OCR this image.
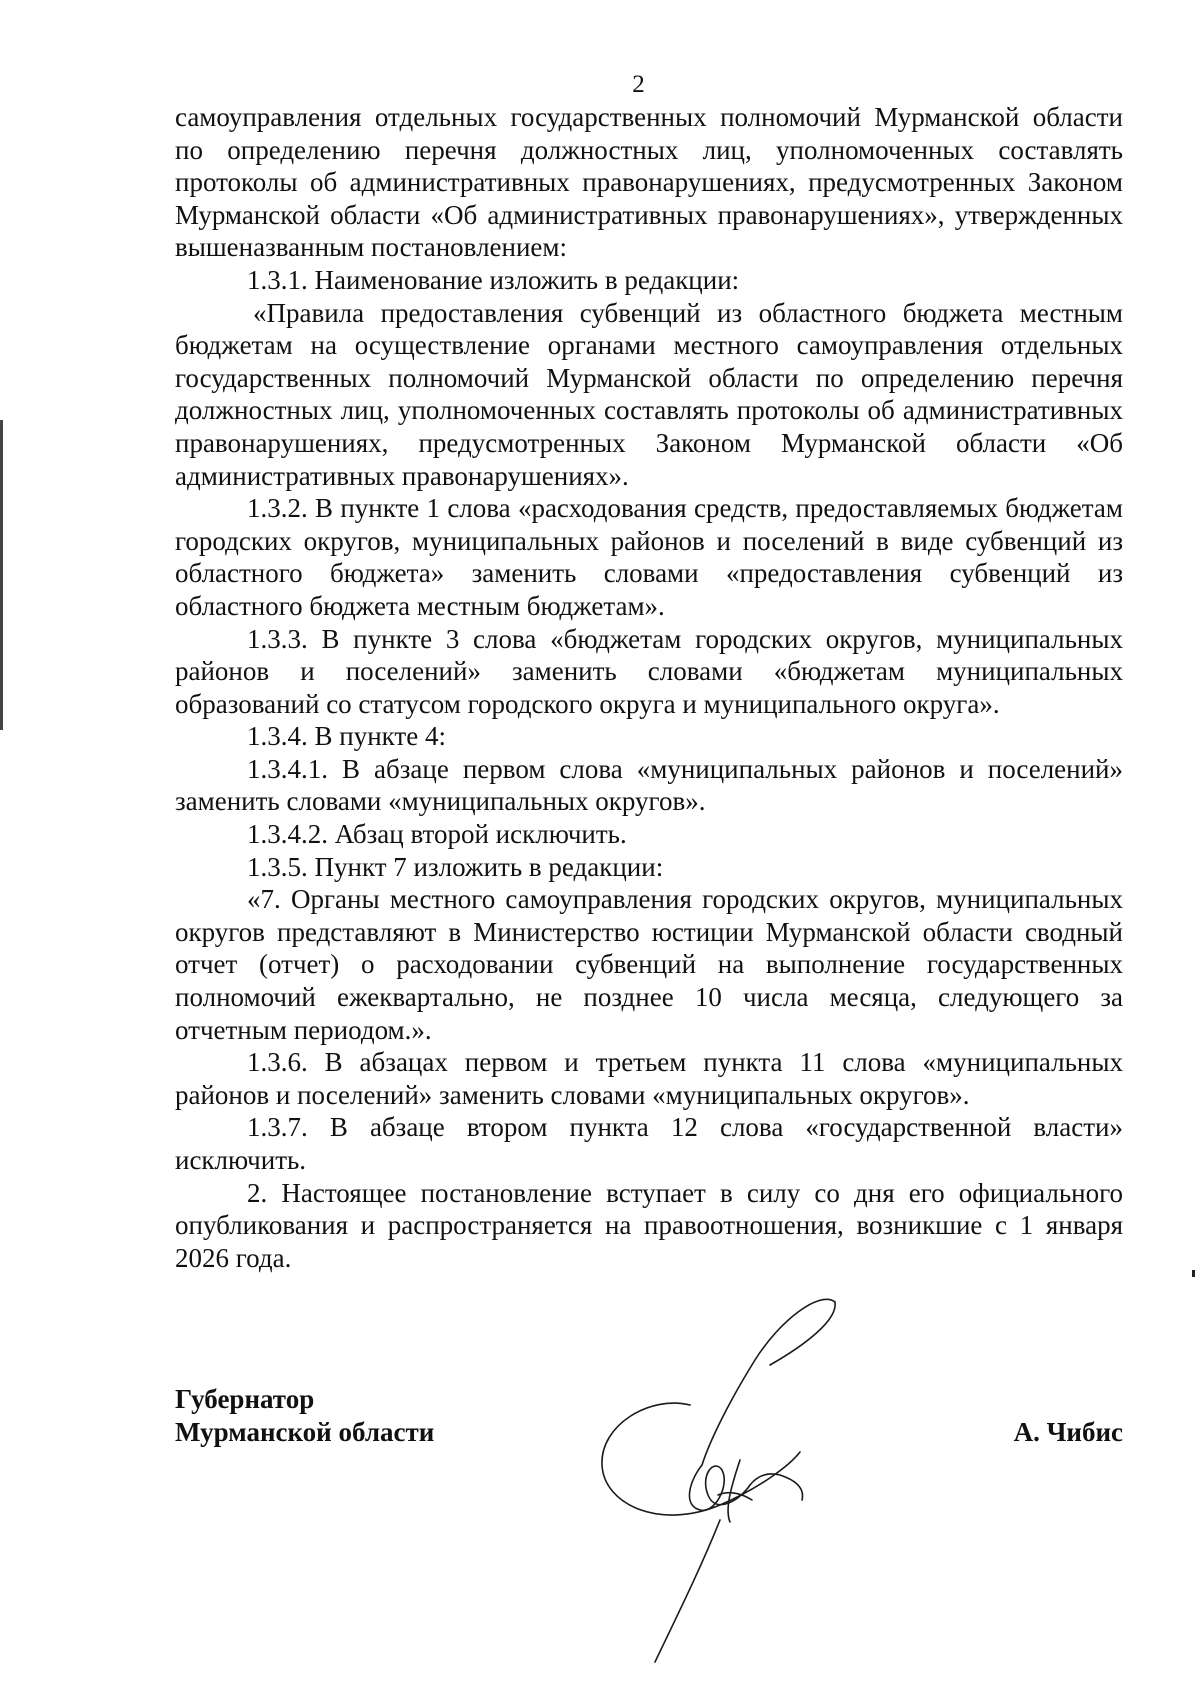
2

самоуправления отдельных государственных полномочий Мурманской области по определению перечня должностных лиц, уполномоченных составлять протоколы об административных правонарушениях, предусмотренных Законом Мурманской области «Об административных правонарушениях», утвержденных вышеназванным постановлением:

1.3.1. Наименование изложить в редакции:

«Правила предоставления субвенций из областного бюджета местным бюджетам на осуществление органами местного самоуправления отдельных государственных полномочий Мурманской области по определению перечня должностных лиц, уполномоченных составлять протоколы об административных правонарушениях, предусмотренных Законом Мурманской области «Об административных правонарушениях».

1.3.2. В пункте 1 слова «расходования средств, предоставляемых бюджетам городских округов, муниципальных районов и поселений в виде субвенций из областного бюджета» заменить словами «предоставления субвенций из областного бюджета местным бюджетам».

1.3.3. В пункте 3 слова «бюджетам городских округов, муниципальных районов и поселений» заменить словами «бюджетам муниципальных образований со статусом городского округа и муниципального округа».

1.3.4. В пункте 4:

1.3.4.1. В абзаце первом слова «муниципальных районов и поселений» заменить словами «муниципальных округов».

1.3.4.2. Абзац второй исключить.

1.3.5. Пункт 7 изложить в редакции:

«7. Органы местного самоуправления городских округов, муниципальных округов представляют в Министерство юстиции Мурманской области сводный отчет (отчет) о расходовании субвенций на выполнение государственных полномочий ежеквартально, не позднее 10 числа месяца, следующего за отчетным периодом.».

1.3.6. В абзацах первом и третьем пункта 11 слова «муниципальных районов и поселений» заменить словами «муниципальных округов».

1.3.7. В абзаце втором пункта 12 слова «государственной власти» исключить.

2. Настоящее постановление вступает в силу со дня его официального опубликования и распространяется на правоотношения, возникшие с 1 января 2026 года.

Губернатор
Мурманской области	А. Чибис
